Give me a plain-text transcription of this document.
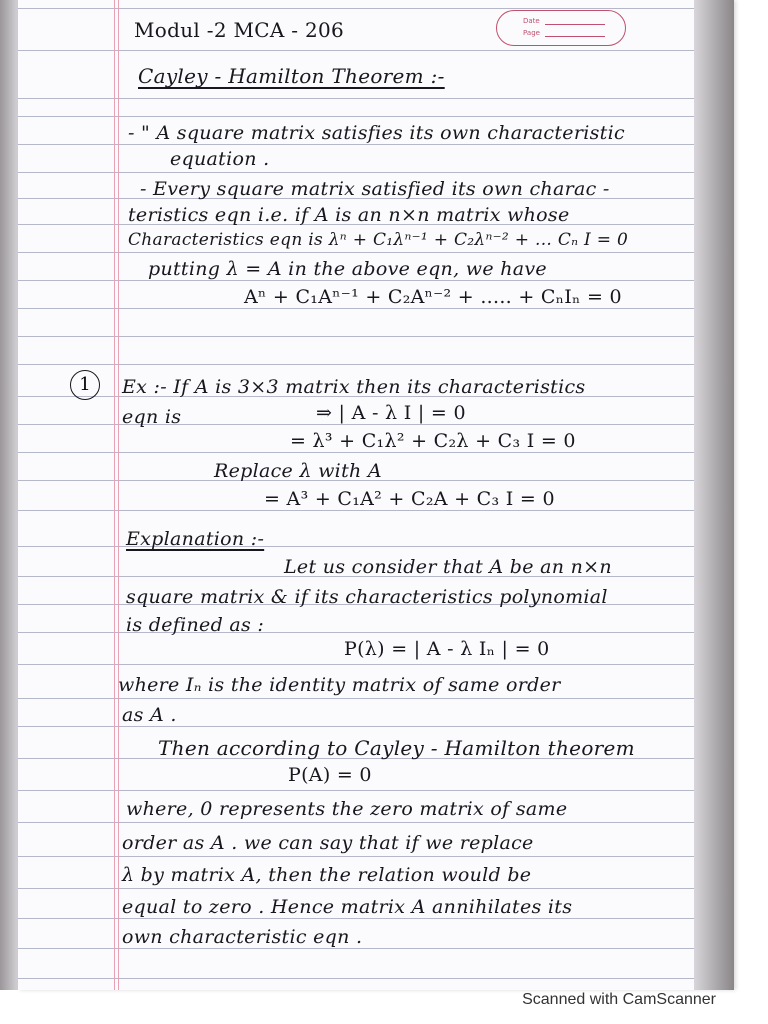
Date
Page
Modul -2 MCA - 206
Cayley - Hamilton Theorem :-
- " A square matrix satisfies its own characteristic
equation .
- Every square matrix satisfied its own charac -
teristics eqn i.e. if A is an n×n matrix whose
Characteristics eqn is λⁿ + C₁λⁿ⁻¹ + C₂λⁿ⁻² + ... Cₙ I = 0
putting λ = A in the above eqn, we have
Aⁿ + C₁Aⁿ⁻¹ + C₂Aⁿ⁻² + ..... + CₙIₙ = 0
1	Ex :- If A is 3×3 matrix then its characteristics
eqn is	⇒ | A - λ I | = 0
= λ³ + C₁λ² + C₂λ + C₃ I = 0
Replace λ with A
= A³ + C₁A² + C₂A + C₃ I = 0
Explanation :-
Let us consider that A be an n×n
square matrix & if its characteristics polynomial
is defined as :
P(λ) = | A - λ Iₙ | = 0
where Iₙ is the identity matrix of same order
as A .
Then according to Cayley - Hamilton theorem
P(A) = 0
where, 0 represents the zero matrix of same
order as A . we can say that if we replace
λ by matrix A, then the relation would be
equal to zero . Hence matrix A annihilates its
own characteristic eqn .
Scanned with CamScanner
